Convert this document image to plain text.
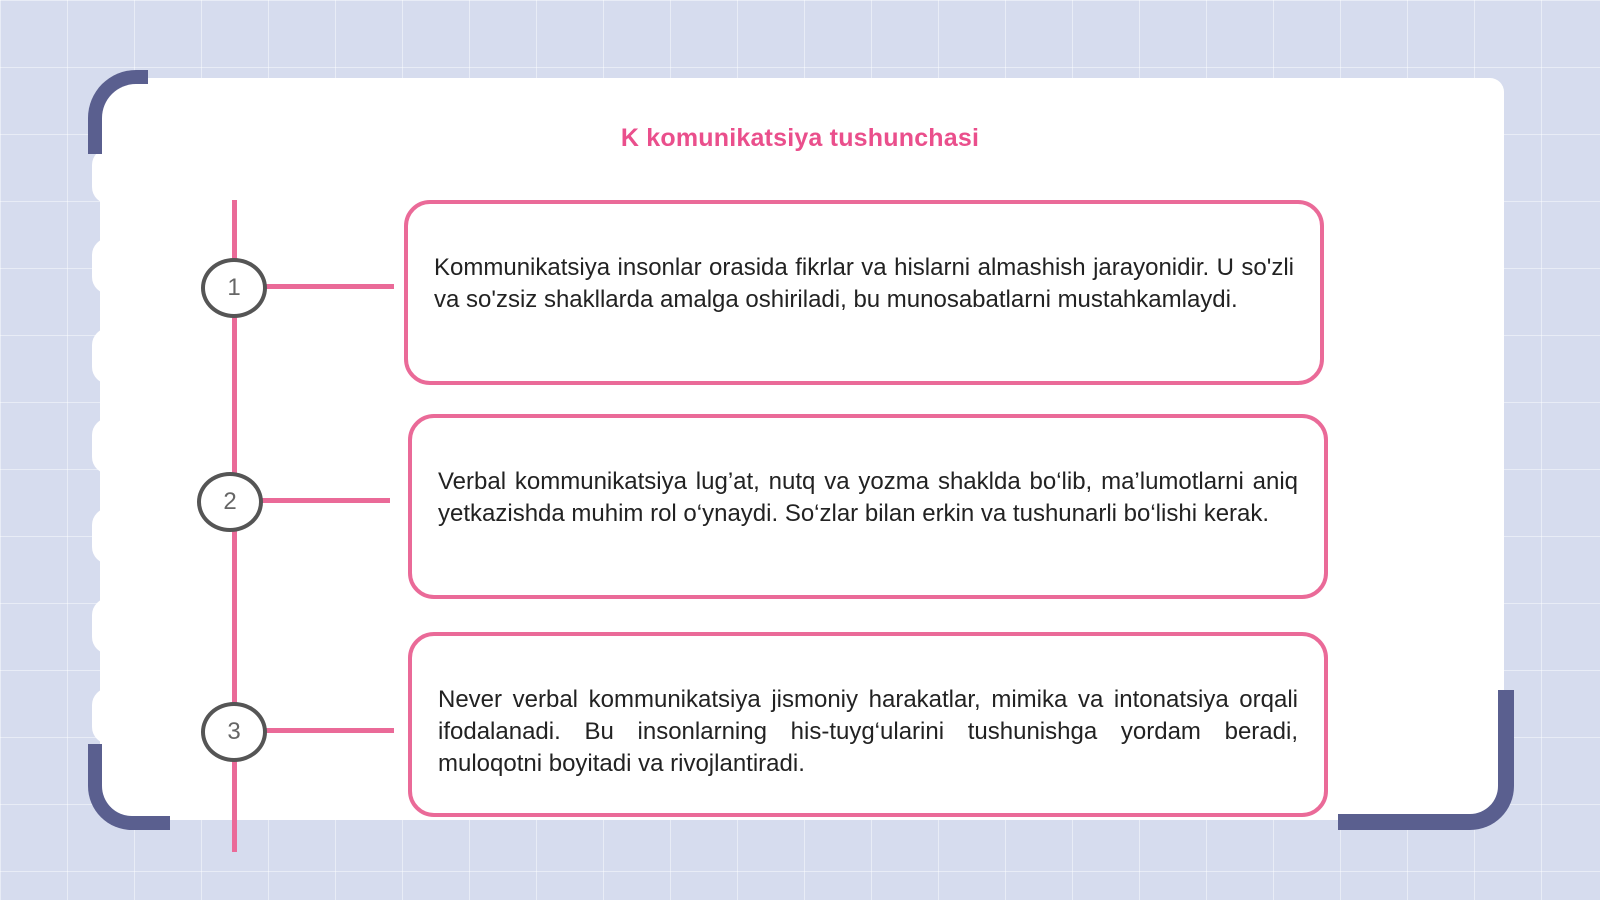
K komunikatsiya tushunchasi
1

Kommunikatsiya insonlar orasida fikrlar va hislarni almashish jarayonidir. U so'zli va so'zsiz shakllarda amalga oshiriladi, bu munosabatlarni mustahkamlaydi.

2

Verbal kommunikatsiya lug’at, nutq va yozma shaklda bo‘lib, ma’lumotlarni aniq yetkazishda muhim rol o‘ynaydi. So‘zlar bilan erkin va tushunarli bo‘lishi kerak.

3

Never verbal kommunikatsiya jismoniy harakatlar, mimika va intonatsiya orqali ifodalanadi. Bu insonlarning his-tuyg‘ularini tushunishga yordam beradi, muloqotni boyitadi va rivojlantiradi.
